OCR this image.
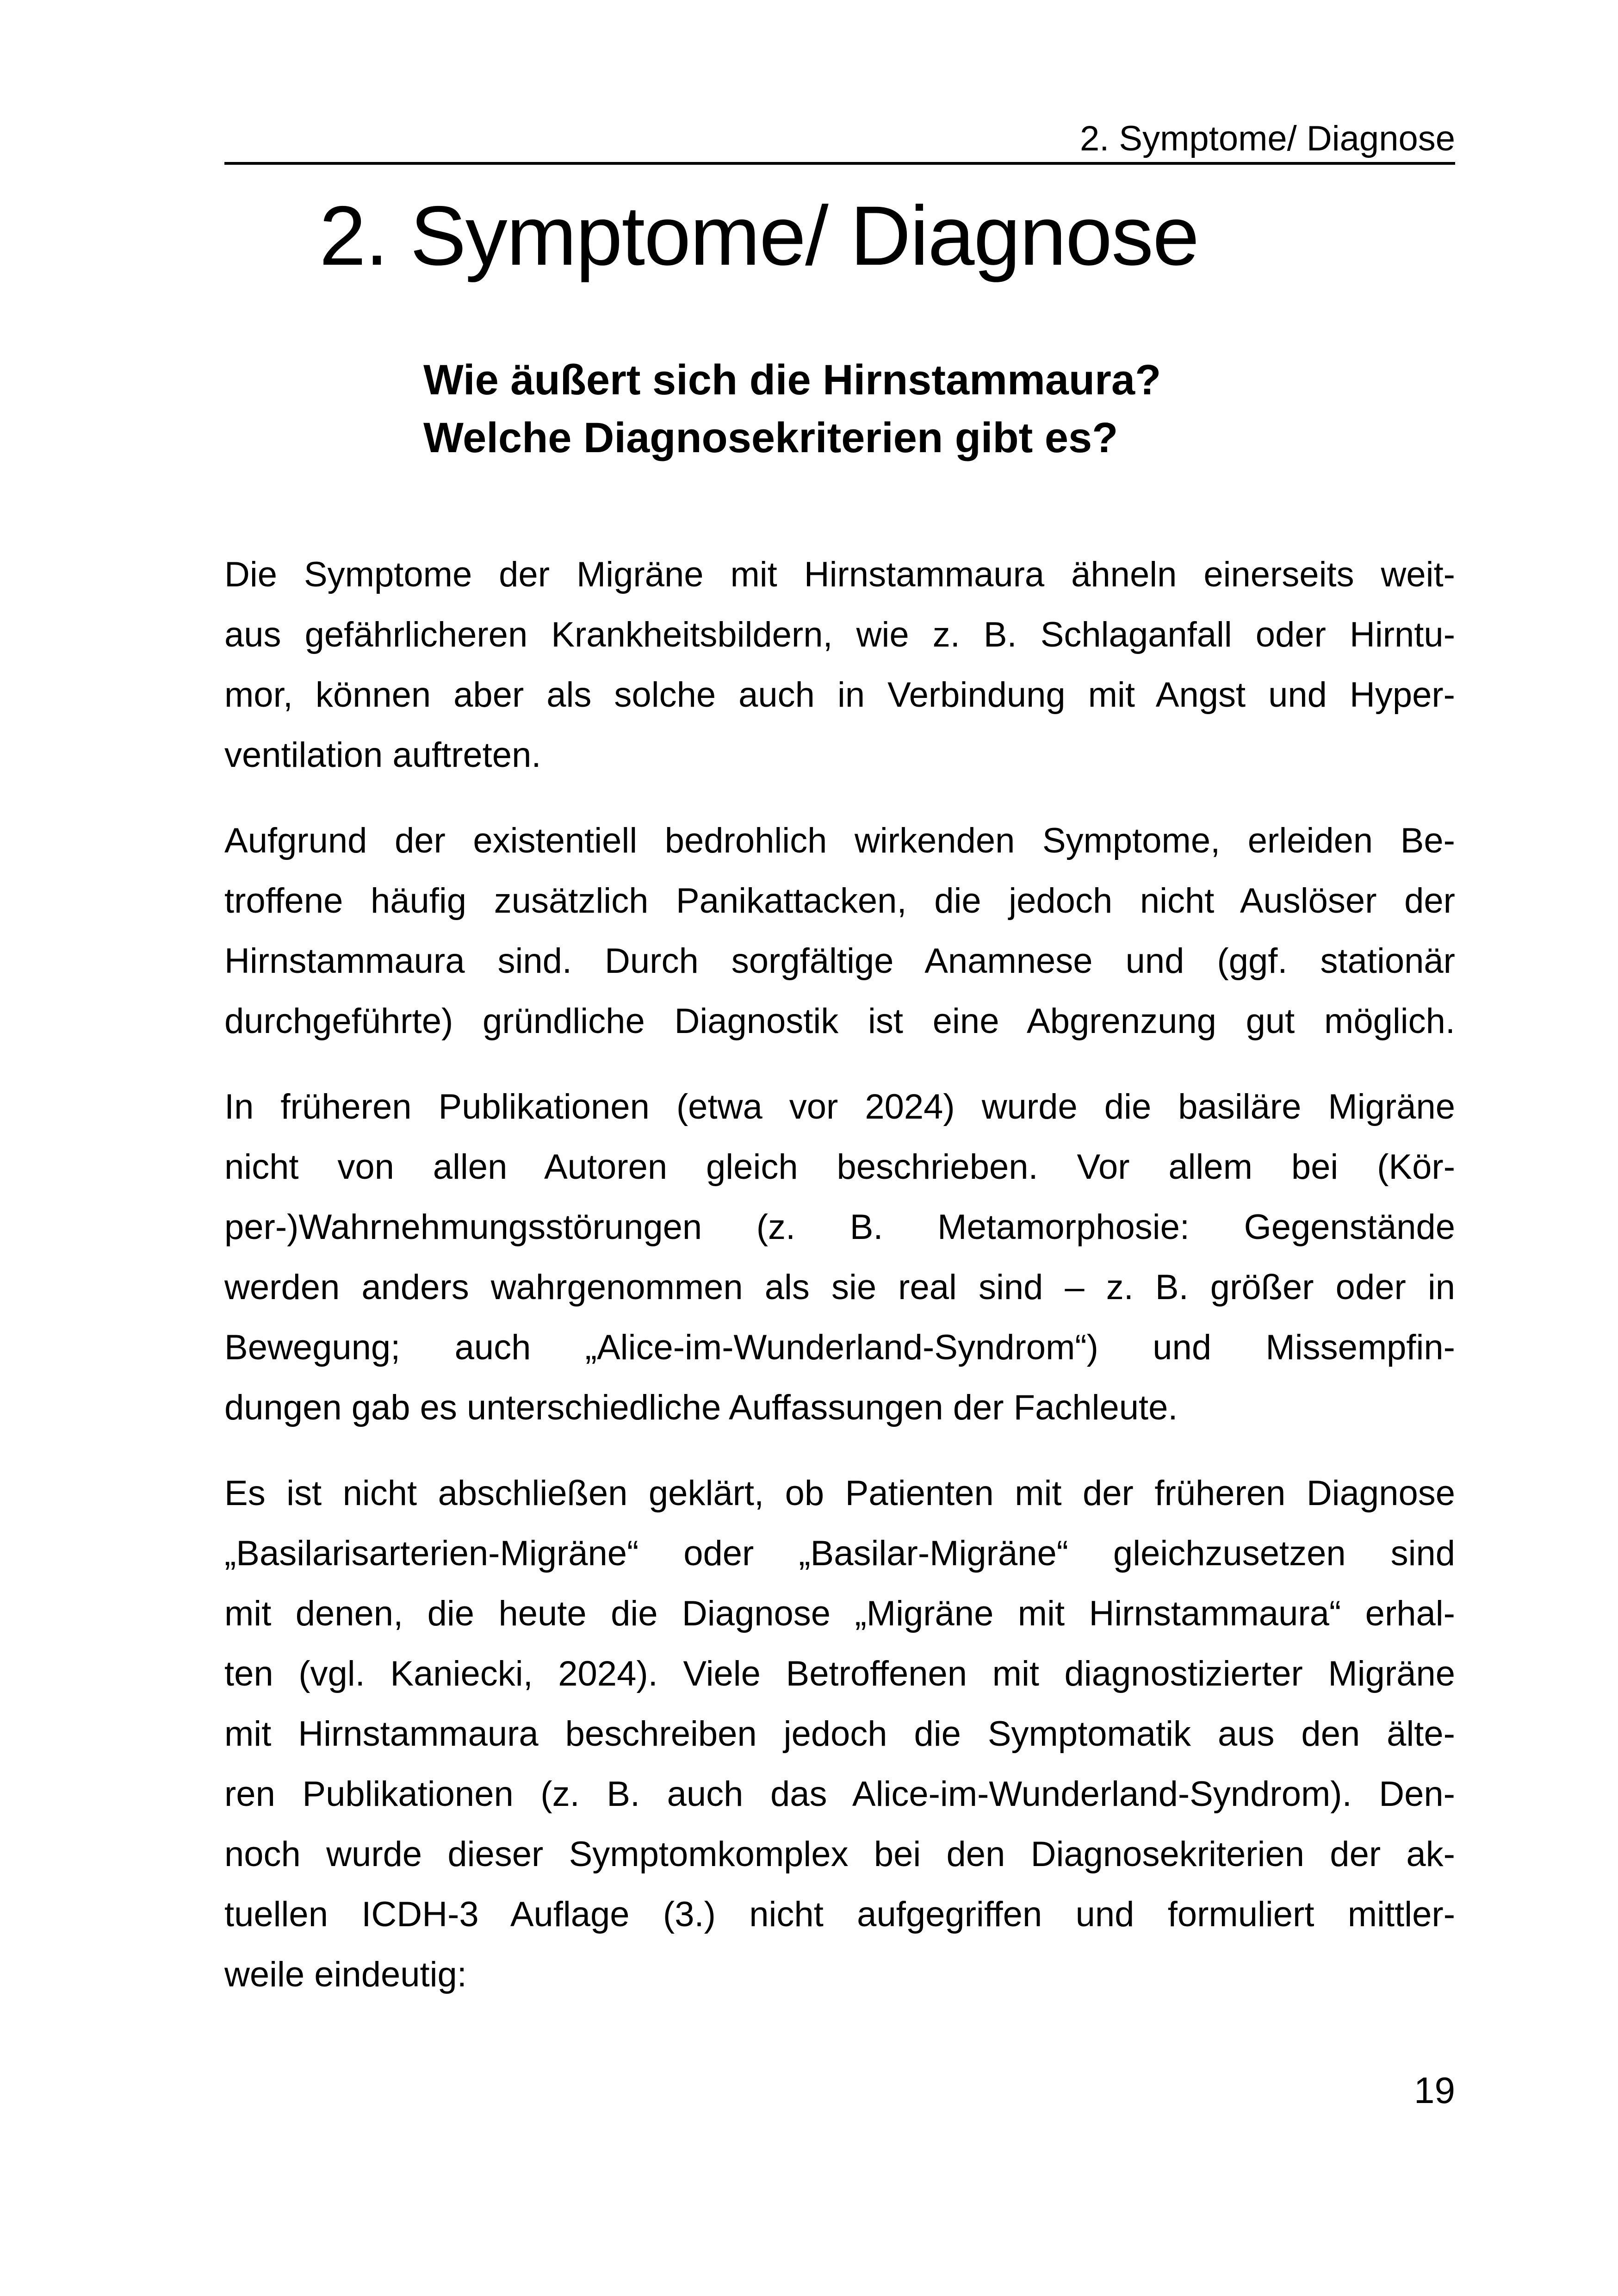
2. Symptome/ Diagnose
2. Symptome/ Diagnose
Wie äußert sich die Hirnstammaura?
Welche Diagnosekriterien gibt es?
Die Symptome der Migräne mit Hirnstammaura ähneln einerseits weit-
aus gefährlicheren Krankheitsbildern, wie z. B. Schlaganfall oder Hirntu-
mor, können aber als solche auch in Verbindung mit Angst und Hyper-
ventilation auftreten.
Aufgrund der existentiell bedrohlich wirkenden Symptome, erleiden Be-
troffene häufig zusätzlich Panikattacken, die jedoch nicht Auslöser der
Hirnstammaura sind. Durch sorgfältige Anamnese und (ggf. stationär
durchgeführte) gründliche Diagnostik ist eine Abgrenzung gut möglich.
In früheren Publikationen (etwa vor 2024) wurde die basiläre Migräne
nicht von allen Autoren gleich beschrieben. Vor allem bei (Kör-
per-)Wahrnehmungsstörungen (z. B. Metamorphosie: Gegenstände
werden anders wahrgenommen als sie real sind – z. B. größer oder in
Bewegung; auch „Alice-im-Wunderland-Syndrom“) und Missempfin-
dungen gab es unterschiedliche Auffassungen der Fachleute.
Es ist nicht abschließen geklärt, ob Patienten mit der früheren Diagnose
„Basilarisarterien-Migräne“ oder „Basilar-Migräne“ gleichzusetzen sind
mit denen, die heute die Diagnose „Migräne mit Hirnstammaura“ erhal-
ten (vgl. Kaniecki, 2024). Viele Betroffenen mit diagnostizierter Migräne
mit Hirnstammaura beschreiben jedoch die Symptomatik aus den älte-
ren Publikationen (z. B. auch das Alice-im-Wunderland-Syndrom). Den-
noch wurde dieser Symptomkomplex bei den Diagnosekriterien der ak-
tuellen ICDH-3 Auflage (3.) nicht aufgegriffen und formuliert mittler-
weile eindeutig:
19
